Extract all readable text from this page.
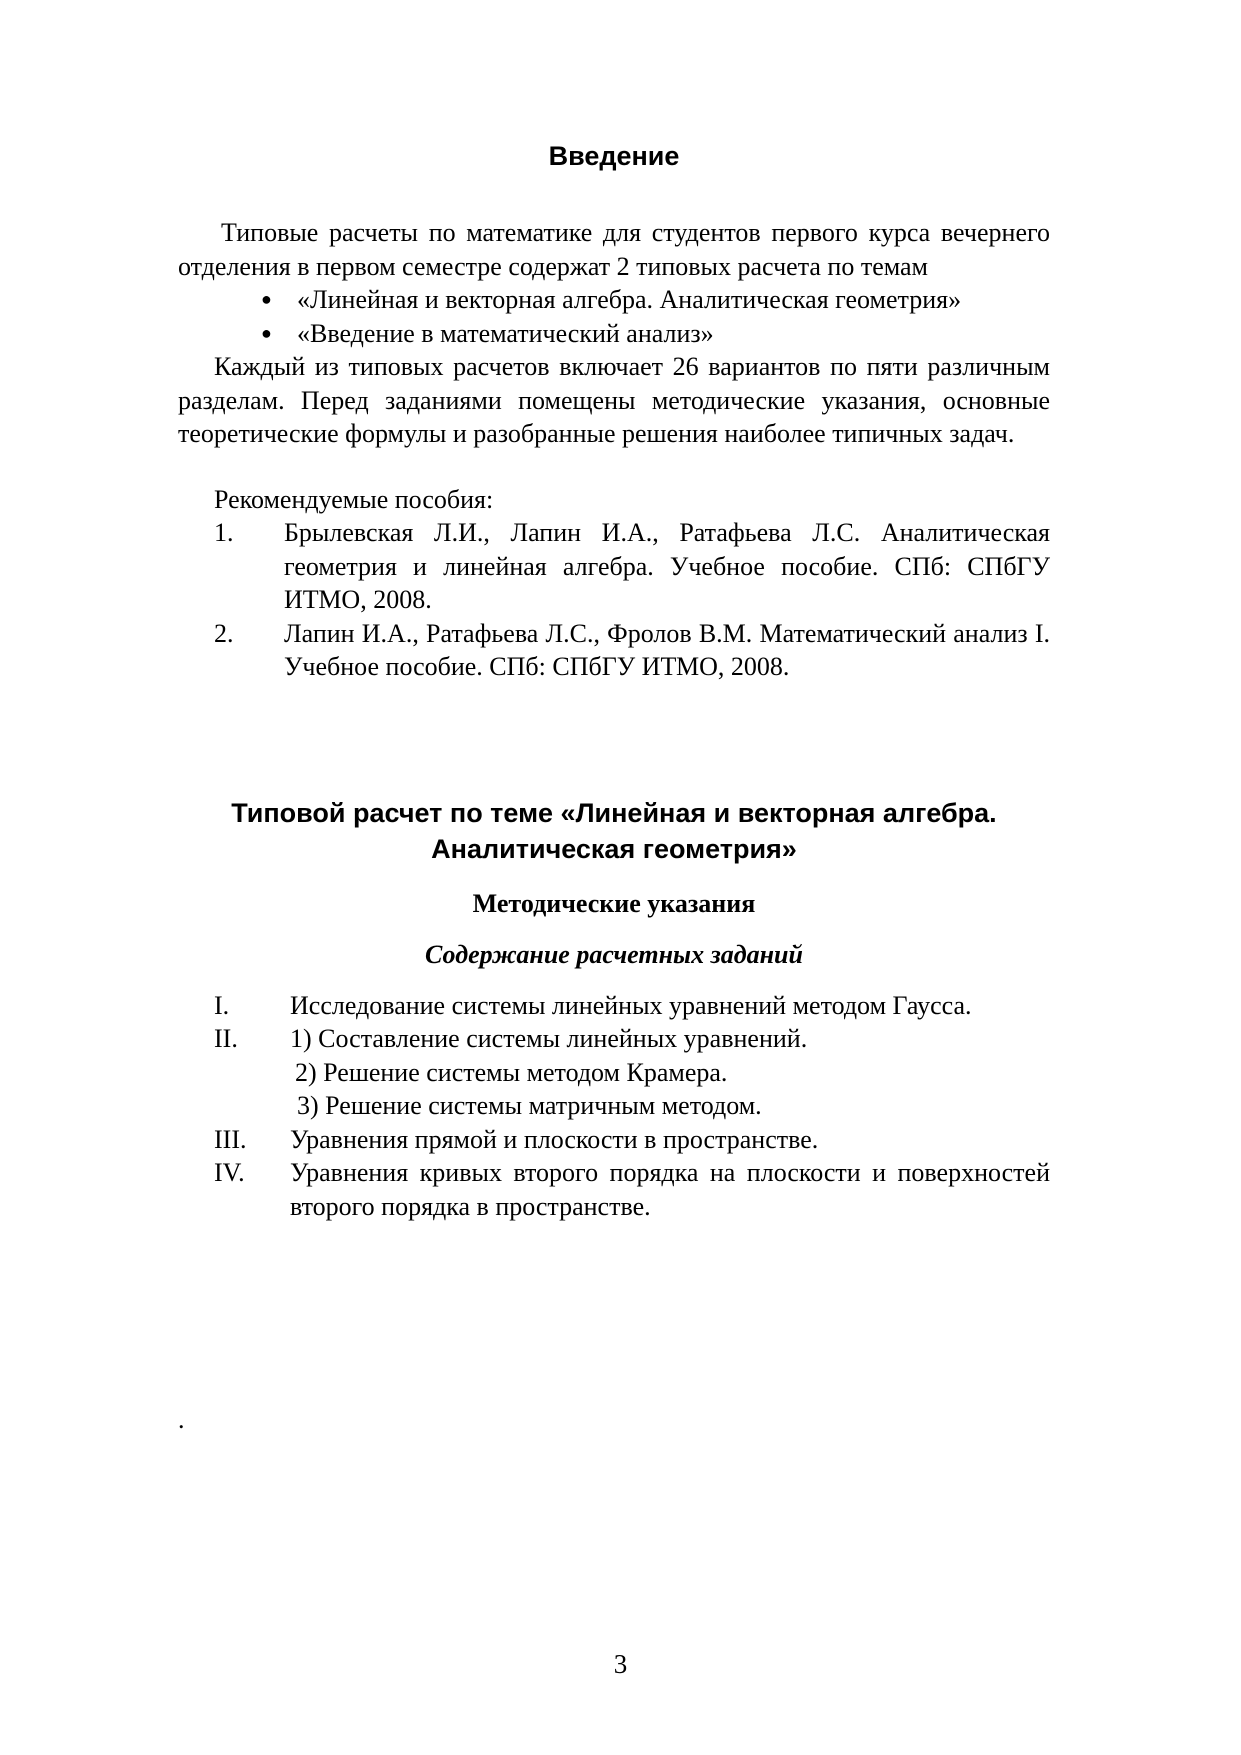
Введение

Типовые расчеты по математике для студентов первого курса вечернего отделения в первом семестре содержат 2 типовых расчета по темам

● «Линейная и векторная алгебра. Аналитическая геометрия»
● «Введение в математический анализ»

Каждый из типовых расчетов включает 26 вариантов по пяти различным разделам. Перед заданиями помещены методические указания, основные теоретические формулы и разобранные решения наиболее типичных задач.

Рекомендуемые пособия:

1. Брылевская Л.И., Лапин И.А., Ратафьева Л.С. Аналитическая геометрия и линейная алгебра. Учебное пособие. СПб: СПбГУ ИТМО, 2008.
2. Лапин И.А., Ратафьева Л.С., Фролов В.М. Математический анализ I. Учебное пособие. СПб: СПбГУ ИТМО, 2008.
Типовой расчет по теме «Линейная и векторная алгебра.
Аналитическая геометрия»
Методические указания
Содержание расчетных заданий
I. Исследование системы линейных уравнений методом Гаусса.
II. 1) Составление системы линейных уравнений.
2) Решение системы методом Крамера.
3) Решение системы матричным методом.
III. Уравнения прямой и плоскости в пространстве.
IV. Уравнения кривых второго порядка на плоскости и поверхностей второго порядка в пространстве.
.
3
